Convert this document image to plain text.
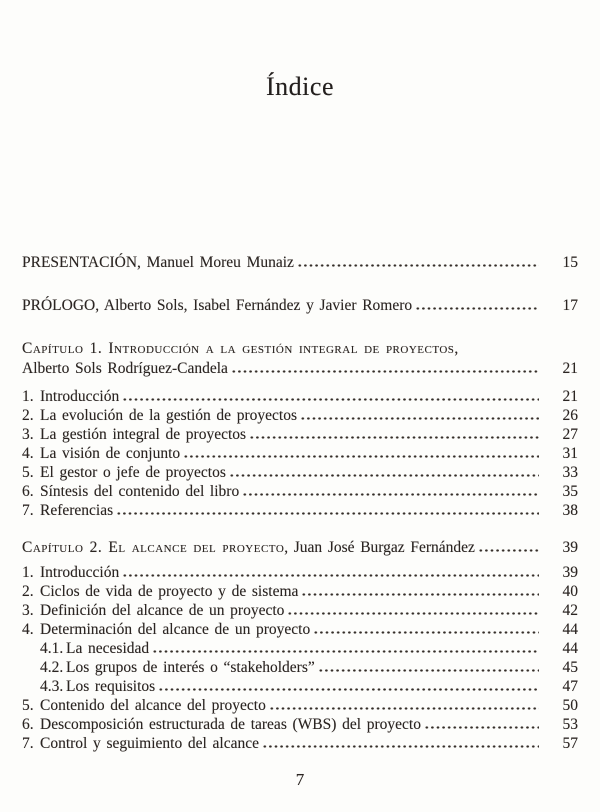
Índice
PRESENTACIÓN, Manuel Moreu Munaiz	15
PRÓLOGO, Alberto Sols, Isabel Fernández y Javier Romero	17
Capítulo 1. Introducción a la gestión integral de proyectos,
Alberto Sols Rodríguez-Candela	21
1. Introducción	21
2. La evolución de la gestión de proyectos	26
3. La gestión integral de proyectos	27
4. La visión de conjunto	31
5. El gestor o jefe de proyectos	33
6. Síntesis del contenido del libro	35
7. Referencias	38
Capítulo 2. El alcance del proyecto, Juan José Burgaz Fernández	39
1. Introducción	39
2. Ciclos de vida de proyecto y de sistema	40
3. Definición del alcance de un proyecto	42
4. Determinación del alcance de un proyecto	44
4.1. La necesidad	44
4.2. Los grupos de interés o “stakeholders”	45
4.3. Los requisitos	47
5. Contenido del alcance del proyecto	50
6. Descomposición estructurada de tareas (WBS) del proyecto	53
7. Control y seguimiento del alcance	57
7
